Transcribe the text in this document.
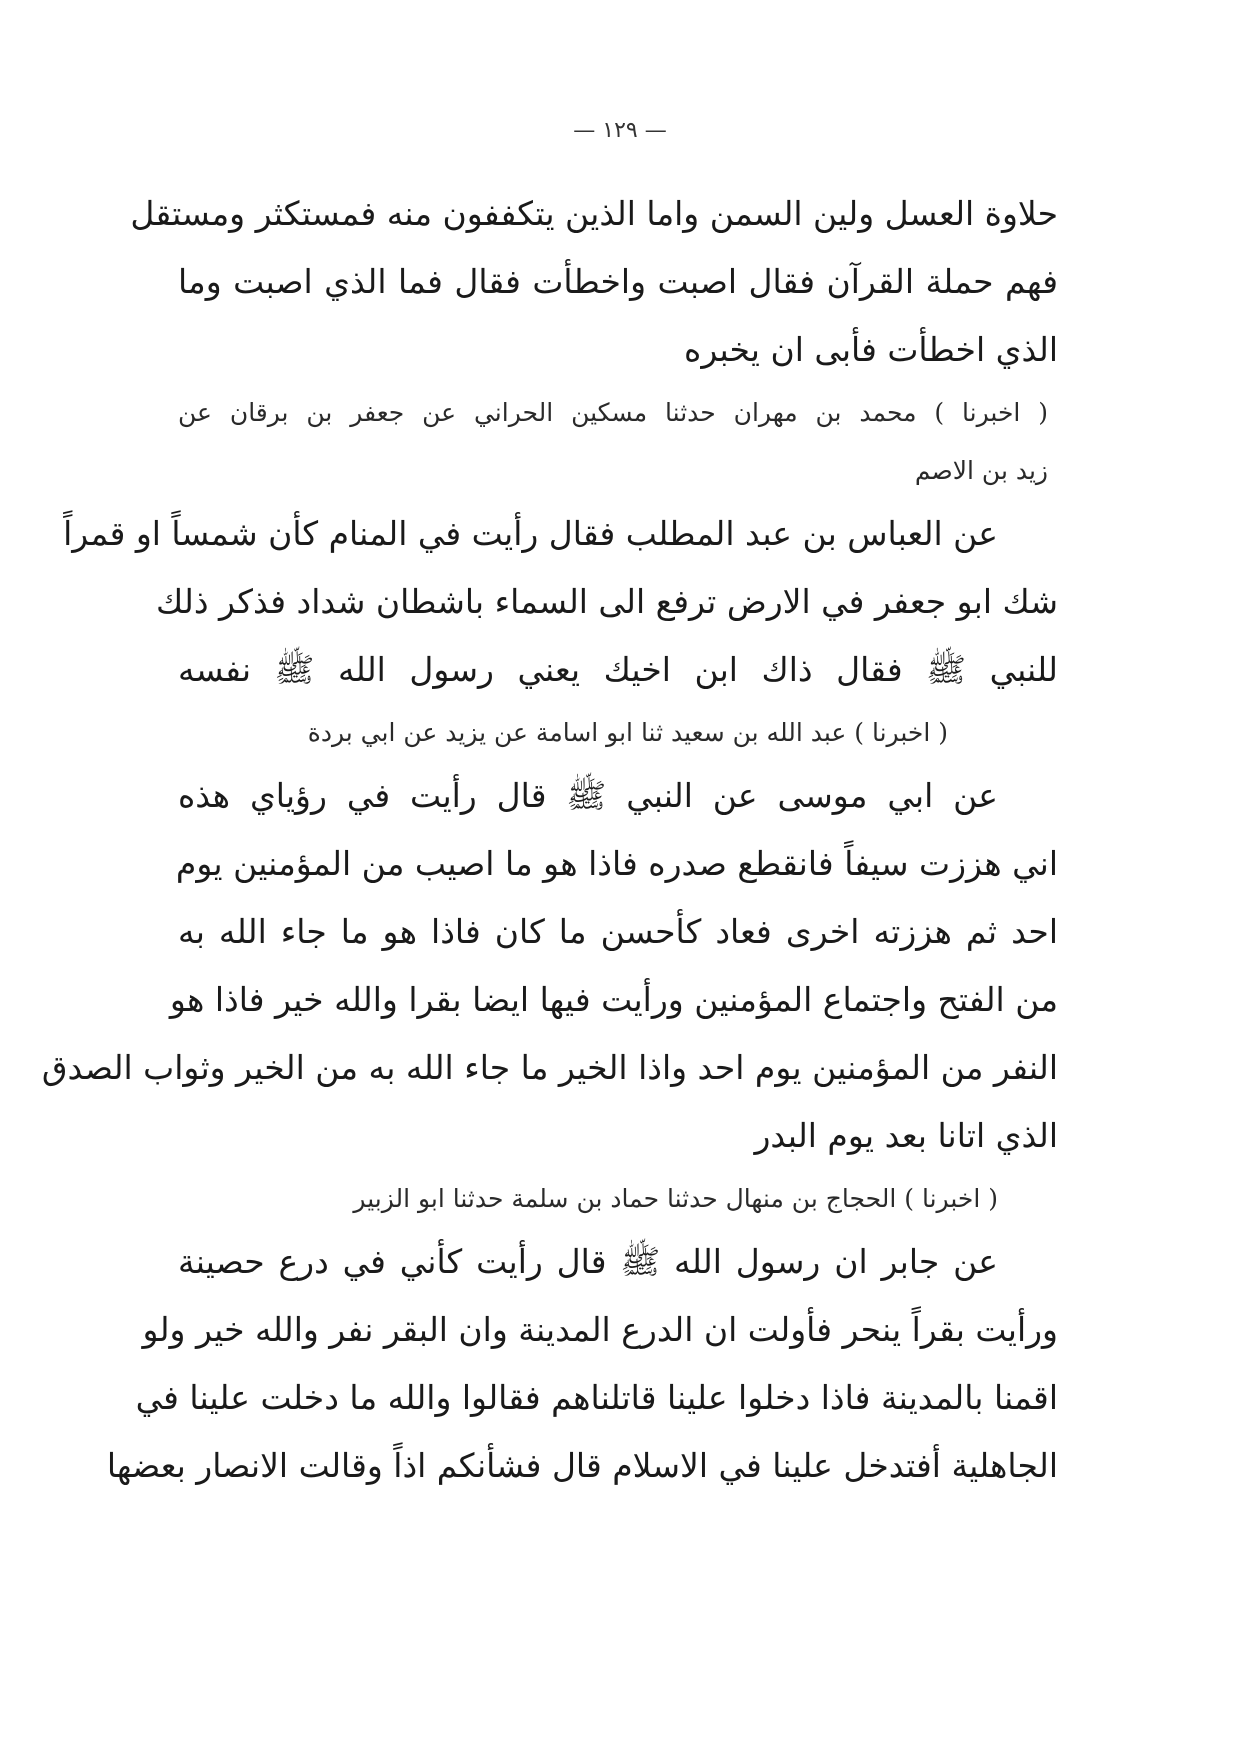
— ١٢٩ —
حلاوة العسل ولين السمن واما الذين يتكففون منه فمستكثر ومستقل
فهم حملة القرآن فقال اصبت واخطأت فقال فما الذي اصبت وما
الذي اخطأت فأبى ان يخبره
( اخبرنا ) محمد بن مهران حدثنا مسكين الحراني عن جعفر بن برقان عن
زيد بن الاصم
عن العباس بن عبد المطلب فقال رأيت في المنام كأن شمساً او قمراً
شك ابو جعفر في الارض ترفع الى السماء باشطان شداد فذكر ذلك
للنبي ﷺ فقال ذاك ابن اخيك يعني رسول الله ﷺ نفسه
( اخبرنا ) عبد الله بن سعيد ثنا ابو اسامة عن يزيد عن ابي بردة
عن ابي موسى عن النبي ﷺ قال رأيت في رؤياي هذه
اني هززت سيفاً فانقطع صدره فاذا هو ما اصيب من المؤمنين يوم
احد ثم هززته اخرى فعاد كأحسن ما كان فاذا هو ما جاء الله به
من الفتح واجتماع المؤمنين ورأيت فيها ايضا بقرا والله خير فاذا هو
النفر من المؤمنين يوم احد واذا الخير ما جاء الله به من الخير وثواب الصدق
الذي اتانا بعد يوم البدر
( اخبرنا ) الحجاج بن منهال حدثنا حماد بن سلمة حدثنا ابو الزبير
عن جابر ان رسول الله ﷺ قال رأيت كأني في درع حصينة
ورأيت بقراً ينحر فأولت ان الدرع المدينة وان البقر نفر والله خير ولو
اقمنا بالمدينة فاذا دخلوا علينا قاتلناهم فقالوا والله ما دخلت علينا في
الجاهلية أفتدخل علينا في الاسلام قال فشأنكم اذاً وقالت الانصار بعضها
